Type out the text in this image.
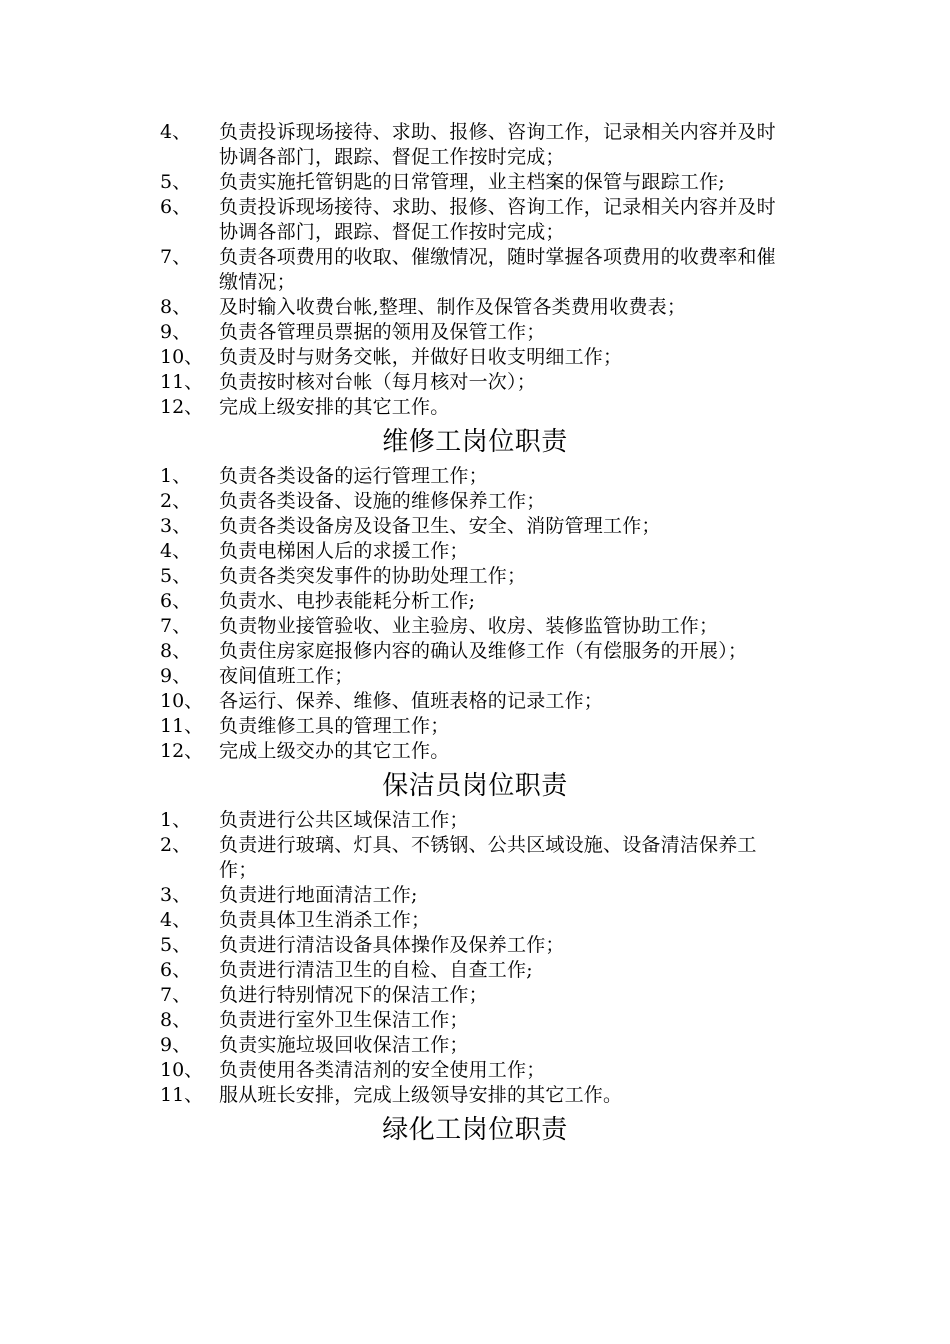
4、	负责投诉现场接待、求助、报修、咨询工作，记录相关内容并及时协调各部门，跟踪、督促工作按时完成；
5、	负责实施托管钥匙的日常管理，业主档案的保管与跟踪工作;
6、	负责投诉现场接待、求助、报修、咨询工作，记录相关内容并及时协调各部门，跟踪、督促工作按时完成；
7、	负责各项费用的收取、催缴情况，随时掌握各项费用的收费率和催缴情况；
8、	及时输入收费台帐,整理、制作及保管各类费用收费表；
9、	负责各管理员票据的领用及保管工作；
10、 负责及时与财务交帐，并做好日收支明细工作；
11、 负责按时核对台帐（每月核对一次）；
12、 完成上级安排的其它工作。
维修工岗位职责
1、	负责各类设备的运行管理工作；
2、	负责各类设备、设施的维修保养工作；
3、	负责各类设备房及设备卫生、安全、消防管理工作；
4、	负责电梯困人后的求援工作；
5、	负责各类突发事件的协助处理工作；
6、	负责水、电抄表能耗分析工作;
7、	负责物业接管验收、业主验房、收房、装修监管协助工作；
8、	负责住房家庭报修内容的确认及维修工作（有偿服务的开展）；
9、	夜间值班工作；
10、 各运行、保养、维修、值班表格的记录工作；
11、 负责维修工具的管理工作；
12、 完成上级交办的其它工作。
保洁员岗位职责
1、	负责进行公共区域保洁工作；
2、	负责进行玻璃、灯具、不锈钢、公共区域设施、设备清洁保养工作；
3、	负责进行地面清洁工作;
4、	负责具体卫生消杀工作；
5、	负责进行清洁设备具体操作及保养工作；
6、	负责进行清洁卫生的自检、自查工作;
7、	负进行特别情况下的保洁工作；
8、	负责进行室外卫生保洁工作；
9、	负责实施垃圾回收保洁工作；
10、 负责使用各类清洁剂的安全使用工作；
11、 服从班长安排，完成上级领导安排的其它工作。
绿化工岗位职责
